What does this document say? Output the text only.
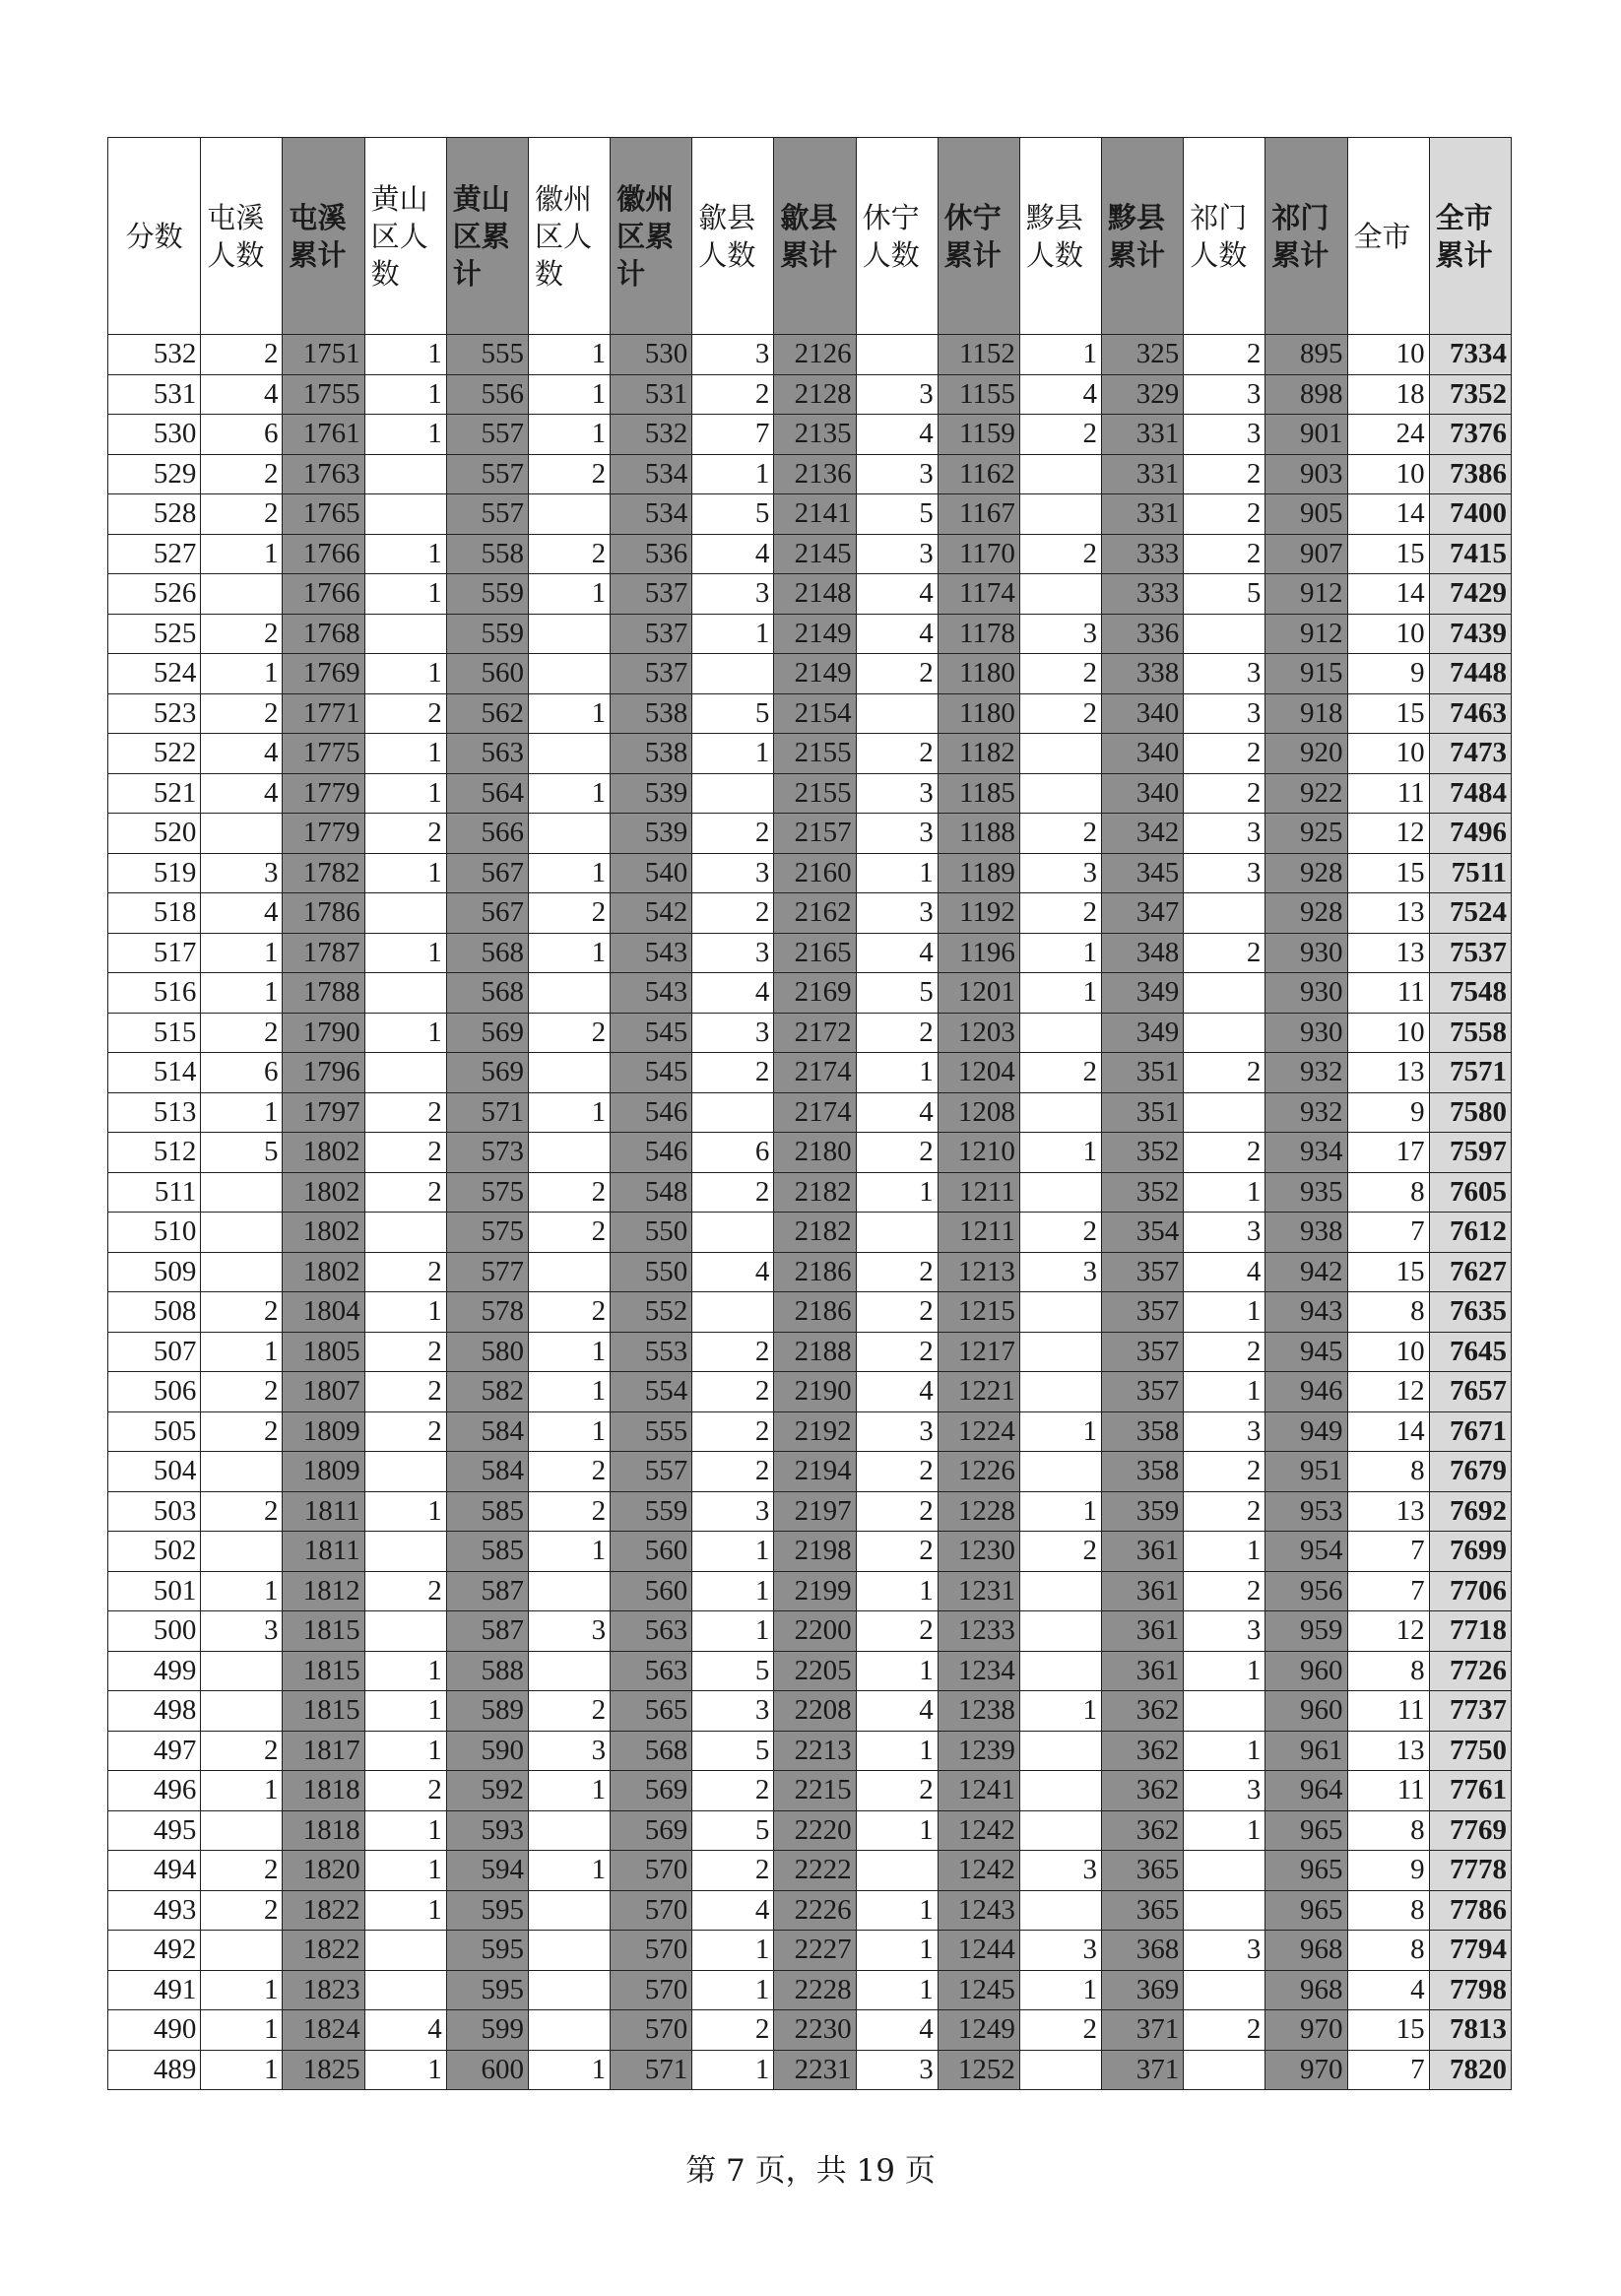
分数	屯溪人数	屯溪累计	黄山区人数	黄山区累计	徽州区人数	徽州区累计	歙县人数	歙县累计	休宁人数	休宁累计	黟县人数	黟县累计	祁门人数	祁门累计	全市	全市累计
532	2	1751	1	555	1	530	3	2126		1152	1	325	2	895	10	7334
531	4	1755	1	556	1	531	2	2128	3	1155	4	329	3	898	18	7352
530	6	1761	1	557	1	532	7	2135	4	1159	2	331	3	901	24	7376
529	2	1763		557	2	534	1	2136	3	1162		331	2	903	10	7386
528	2	1765		557		534	5	2141	5	1167		331	2	905	14	7400
527	1	1766	1	558	2	536	4	2145	3	1170	2	333	2	907	15	7415
526		1766	1	559	1	537	3	2148	4	1174		333	5	912	14	7429
525	2	1768		559		537	1	2149	4	1178	3	336		912	10	7439
524	1	1769	1	560		537		2149	2	1180	2	338	3	915	9	7448
523	2	1771	2	562	1	538	5	2154		1180	2	340	3	918	15	7463
522	4	1775	1	563		538	1	2155	2	1182		340	2	920	10	7473
521	4	1779	1	564	1	539		2155	3	1185		340	2	922	11	7484
520		1779	2	566		539	2	2157	3	1188	2	342	3	925	12	7496
519	3	1782	1	567	1	540	3	2160	1	1189	3	345	3	928	15	7511
518	4	1786		567	2	542	2	2162	3	1192	2	347		928	13	7524
517	1	1787	1	568	1	543	3	2165	4	1196	1	348	2	930	13	7537
516	1	1788		568		543	4	2169	5	1201	1	349		930	11	7548
515	2	1790	1	569	2	545	3	2172	2	1203		349		930	10	7558
514	6	1796		569		545	2	2174	1	1204	2	351	2	932	13	7571
513	1	1797	2	571	1	546		2174	4	1208		351		932	9	7580
512	5	1802	2	573		546	6	2180	2	1210	1	352	2	934	17	7597
511		1802	2	575	2	548	2	2182	1	1211		352	1	935	8	7605
510		1802		575	2	550		2182		1211	2	354	3	938	7	7612
509		1802	2	577		550	4	2186	2	1213	3	357	4	942	15	7627
508	2	1804	1	578	2	552		2186	2	1215		357	1	943	8	7635
507	1	1805	2	580	1	553	2	2188	2	1217		357	2	945	10	7645
506	2	1807	2	582	1	554	2	2190	4	1221		357	1	946	12	7657
505	2	1809	2	584	1	555	2	2192	3	1224	1	358	3	949	14	7671
504		1809		584	2	557	2	2194	2	1226		358	2	951	8	7679
503	2	1811	1	585	2	559	3	2197	2	1228	1	359	2	953	13	7692
502		1811		585	1	560	1	2198	2	1230	2	361	1	954	7	7699
501	1	1812	2	587		560	1	2199	1	1231		361	2	956	7	7706
500	3	1815		587	3	563	1	2200	2	1233		361	3	959	12	7718
499		1815	1	588		563	5	2205	1	1234		361	1	960	8	7726
498		1815	1	589	2	565	3	2208	4	1238	1	362		960	11	7737
497	2	1817	1	590	3	568	5	2213	1	1239		362	1	961	13	7750
496	1	1818	2	592	1	569	2	2215	2	1241		362	3	964	11	7761
495		1818	1	593		569	5	2220	1	1242		362	1	965	8	7769
494	2	1820	1	594	1	570	2	2222		1242	3	365		965	9	7778
493	2	1822	1	595		570	4	2226	1	1243		365		965	8	7786
492		1822		595		570	1	2227	1	1244	3	368	3	968	8	7794
491	1	1823		595		570	1	2228	1	1245	1	369		968	4	7798
490	1	1824	4	599		570	2	2230	4	1249	2	371	2	970	15	7813
489	1	1825	1	600	1	571	1	2231	3	1252		371		970	7	7820
第 7 页，共 19 页
